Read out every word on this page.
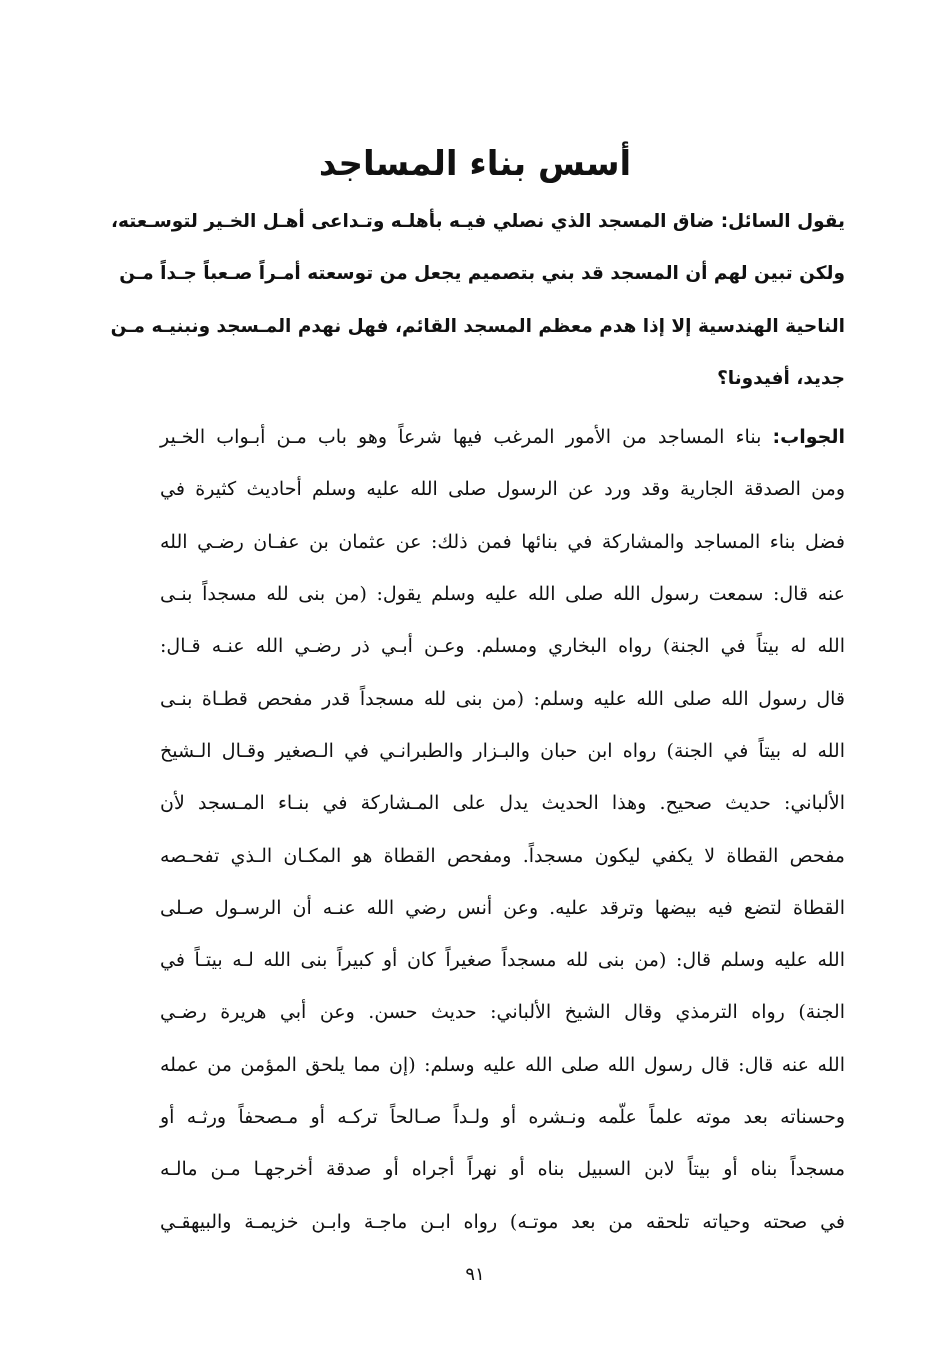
أسس بناء المساجد
يقول السائل: ضاق المسجد الذي نصلي فيـه بأهلـه وتـداعى أهـل الخـير لتوسـعته،
ولكن تبين لهم أن المسجد قد بني بتصميم يجعل من توسعته أمـراً صـعباً جـداً مـن
الناحية الهندسية إلا إذا هدم معظم المسجد القائم، فهل نهدم المـسجد ونبنيـه مـن
جديد، أفيدونا؟
الجواب: بناء المساجد من الأمور المرغب فيها شرعاً وهو باب مـن أبـواب الخـير
ومن الصدقة الجارية وقد ورد عن الرسول صلى الله عليه وسلم أحاديث كثيرة في
فضل بناء المساجد والمشاركة في بنائها فمن ذلك: عن عثمان بن عفـان رضـي الله
عنه قال: سمعت رسول الله صلى الله عليه وسلم يقول: (من بنى لله مسجداً بنـى
الله له بيتاً في الجنة) رواه البخاري ومسلم. وعـن أبـي ذر رضـي الله عنـه قـال:
قال رسول الله صلى الله عليه وسلم: (من بنى لله مسجداً قدر مفحص قطـاة بنـى
الله له بيتاً في الجنة) رواه ابن حبان والبـزار والطبرانـي في الـصغير وقـال الـشيخ
الألباني: حديث صحيح. وهذا الحديث يدل على المـشاركة في بنـاء المـسجد لأن
مفحص القطاة لا يكفي ليكون مسجداً. ومفحص القطاة هو المكـان الـذي تفحـصه
القطاة لتضع فيه بيضها وترقد عليه. وعن أنس رضي الله عنـه أن الرسـول صـلى
الله عليه وسلم قال: (من بنى لله مسجداً صغيراً كان أو كبيراً بنى الله لـه بيتـاً في
الجنة) رواه الترمذي وقال الشيخ الألباني: حديث حسن. وعن أبي هريرة رضـي
الله عنه قال: قال رسول الله صلى الله عليه وسلم: (إن مما يلحق المؤمن من عمله
وحسناته بعد موته علماً علّمه ونـشره أو ولـداً صـالحاً تركـه أو مـصحفاً ورثـه أو
مسجداً بناه أو بيتاً لابن السبيل بناه أو نهراً أجراه أو صدقة أخرجهـا مـن مالـه
في صحته وحياته تلحقه من بعد موتـه) رواه ابـن ماجـة وابـن خزيمـة والبيهقـي
٩١
